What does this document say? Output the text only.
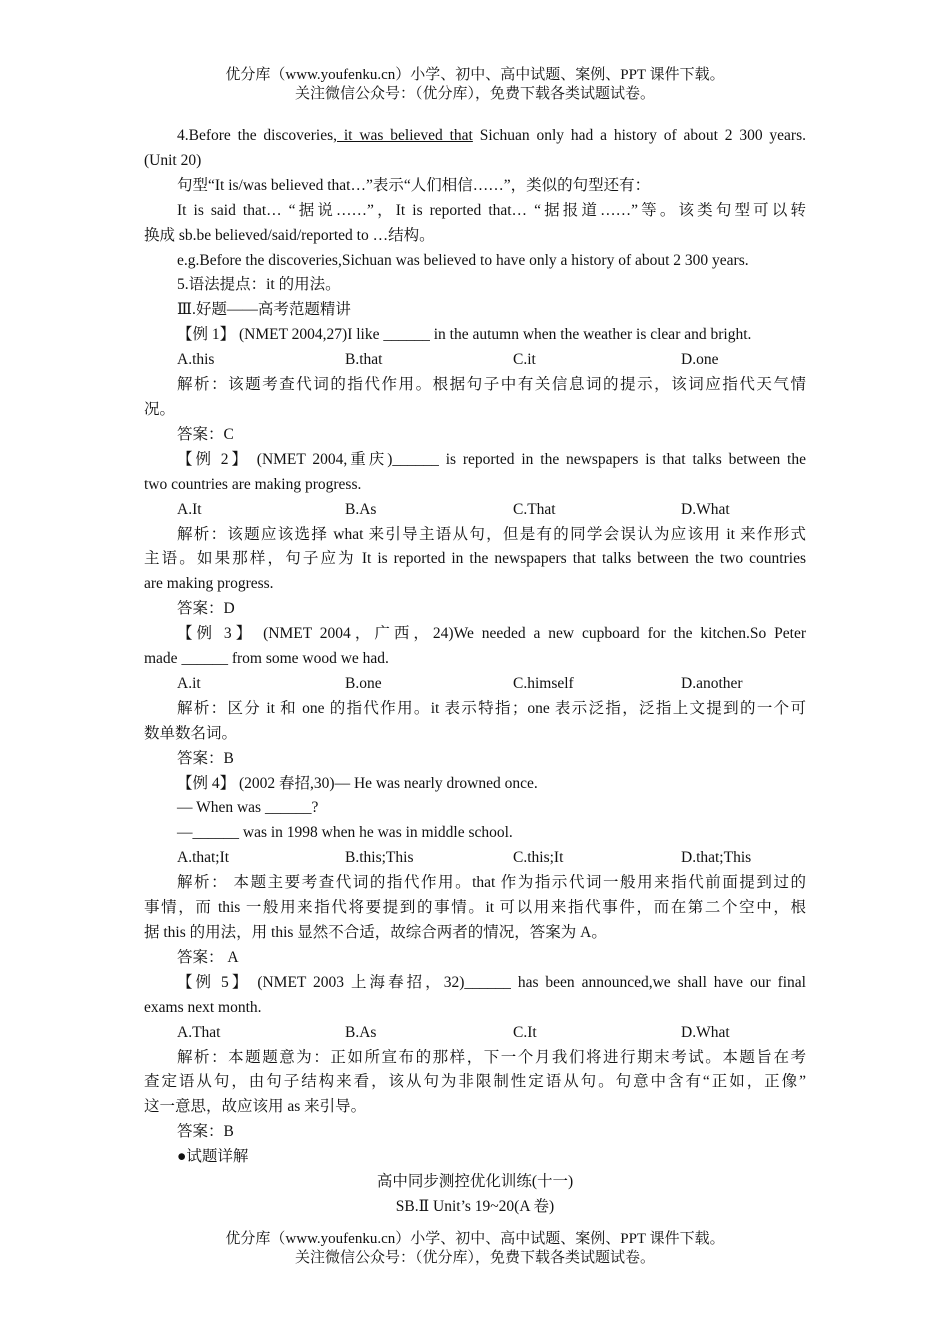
优分库（www.youfenku.cn）小学、初中、高中试题、案例、PPT 课件下载。
关注微信公众号：（优分库），免费下载各类试题试卷。
4.Before the discoveries, it was believed that Sichuan only had a history of about 2 300 years.
(Unit 20)
句型“It is/was believed that…”表示“人们相信……”，类似的句型还有：
It is said that… “据说……”，It is reported that… “据报道……”等。该类句型可以转
换成 sb.be believed/said/reported to …结构。
e.g.Before the discoveries,Sichuan was believed to have only a history of about 2 300 years.
5.语法提点：it 的用法。
Ⅲ.好题——高考范题精讲
【例 1】 (NMET 2004,27)I like ______ in the autumn when the weather is clear and bright.
A.this	B.that	C.it	D.one
解析：该题考查代词的指代作用。根据句子中有关信息词的提示，该词应指代天气情
况。
答案：C
【例 2】 (NMET 2004,重庆)______ is reported in the newspapers is that talks between the
two countries are making progress.
A.It	B.As	C.That	D.What
解析：该题应该选择 what 来引导主语从句，但是有的同学会误认为应该用 it 来作形式
主语。如果那样，句子应为 It is reported in the newspapers that talks between the two countries
are making progress.
答案：D
【例 3】 (NMET 2004，广西，24)We needed a new cupboard for the kitchen.So Peter
made ______ from some wood we had.
A.it	B.one	C.himself	D.another
解析：区分 it 和 one 的指代作用。it 表示特指；one 表示泛指，泛指上文提到的一个可
数单数名词。
答案：B
【例 4】 (2002 春招,30)— He was nearly drowned once.
— When was ______?
—______ was in 1998 when he was in middle school.
A.that;It	B.this;This	C.this;It	D.that;This
解析： 本题主要考查代词的指代作用。that 作为指示代词一般用来指代前面提到过的
事情，而 this 一般用来指代将要提到的事情。it 可以用来指代事件，而在第二个空中，根
据 this 的用法，用 this 显然不合适，故综合两者的情况，答案为 A。
答案： A
【例 5】 (NMET 2003 上海春招，32)______ has been announced,we shall have our final
exams next month.
A.That	B.As	C.It	D.What
解析：本题题意为：正如所宣布的那样，下一个月我们将进行期末考试。本题旨在考
查定语从句，由句子结构来看，该从句为非限制性定语从句。句意中含有“正如，正像”
这一意思，故应该用 as 来引导。
答案：B
●试题详解
高中同步测控优化训练(十一)
SB.Ⅱ Unit’s 19~20(A 卷)
优分库（www.youfenku.cn）小学、初中、高中试题、案例、PPT 课件下载。
关注微信公众号：（优分库），免费下载各类试题试卷。
